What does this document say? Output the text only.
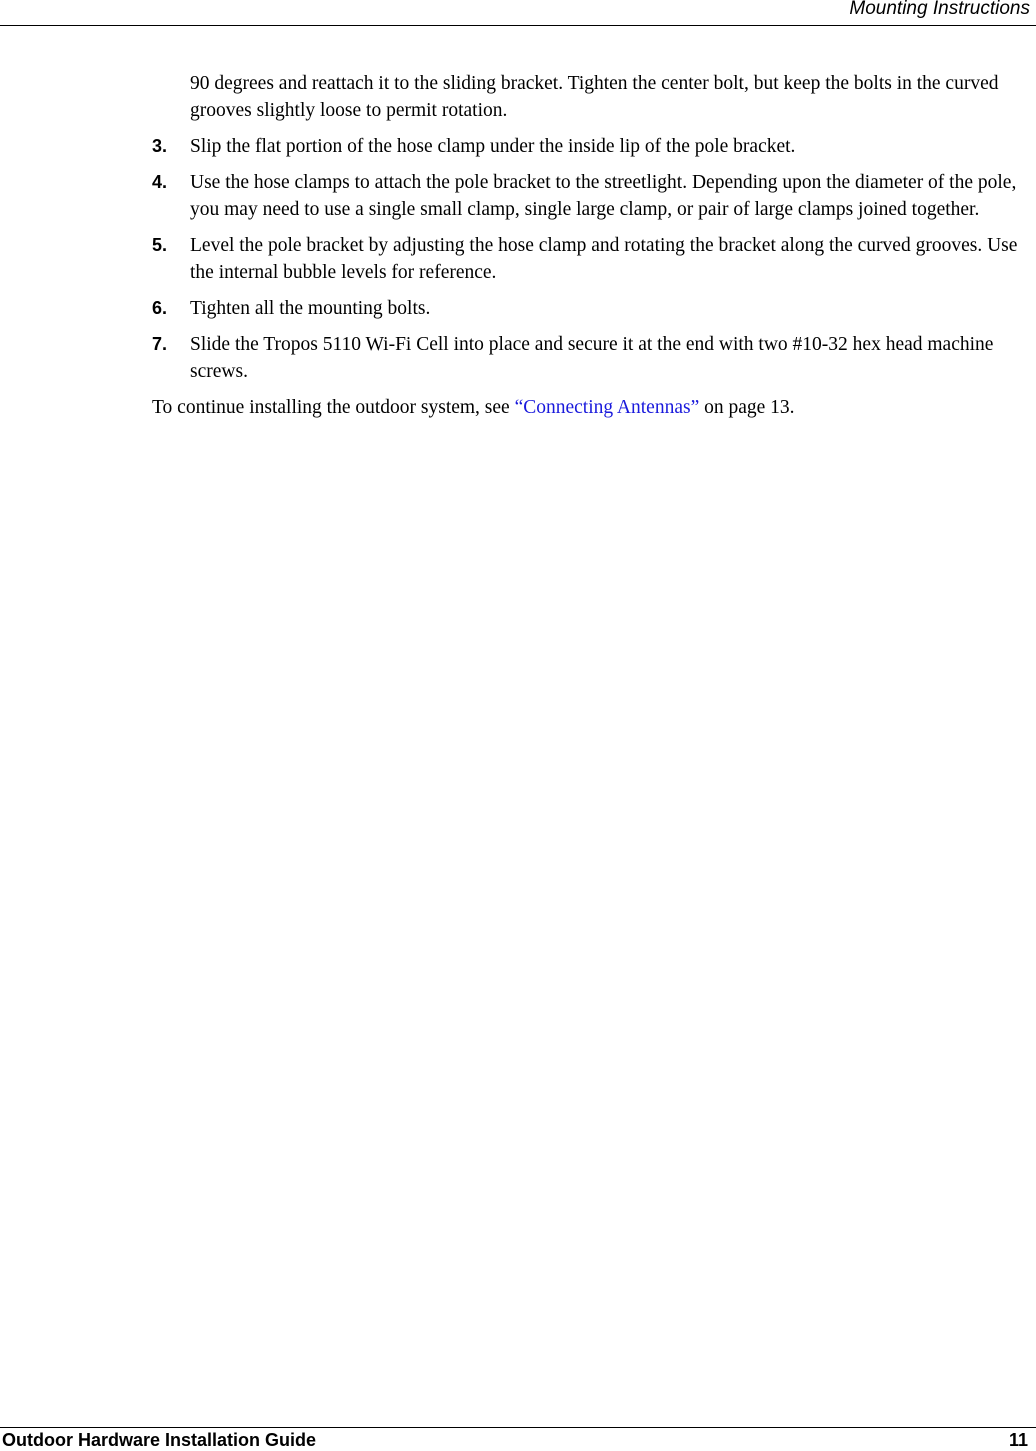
Mounting Instructions

90 degrees and reattach it to the sliding bracket. Tighten the center bolt, but keep the bolts in the curved grooves slightly loose to permit rotation.

3.	Slip the flat portion of the hose clamp under the inside lip of the pole bracket.
4.	Use the hose clamps to attach the pole bracket to the streetlight. Depending upon the diameter of the pole, you may need to use a single small clamp, single large clamp, or pair of large clamps joined together.
5.	Level the pole bracket by adjusting the hose clamp and rotating the bracket along the curved grooves. Use the internal bubble levels for reference.
6.	Tighten all the mounting bolts.
7.	Slide the Tropos 5110 Wi-Fi Cell into place and secure it at the end with two #10-32 hex head machine screws.

To continue installing the outdoor system, see “Connecting Antennas” on page 13.

Outdoor Hardware Installation Guide	11
